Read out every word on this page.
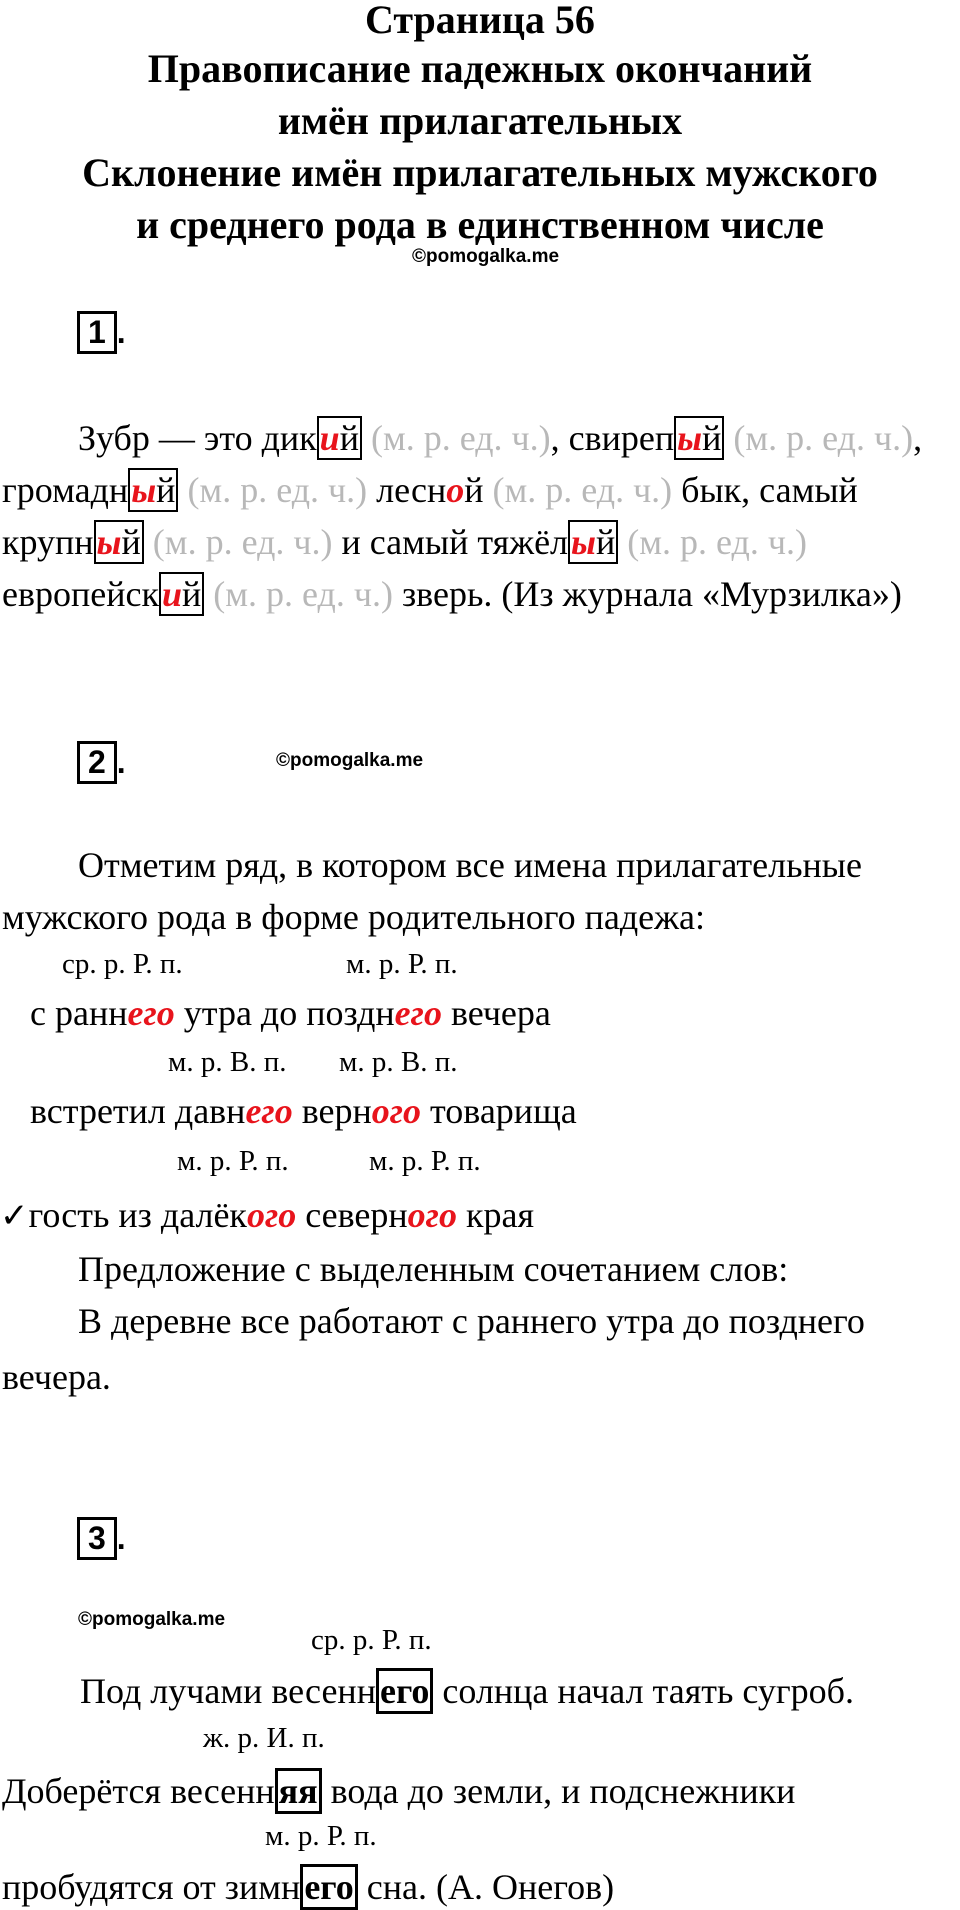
Страница 56
Правописание падежных окончаний
имён прилагательных
Склонение имён прилагательных мужского
и среднего рода в единственном числе
©pomogalka.me
1 .
Зубр — это дикий (м. р. ед. ч.), свирепый (м. р. ед. ч.),
громадный (м. р. ед. ч.) лесной (м. р. ед. ч.) бык, самый
крупный (м. р. ед. ч.) и самый тяжёлый (м. р. ед. ч.)
европейский (м. р. ед. ч.) зверь. (Из журнала «Мурзилка»)
2 .	©pomogalka.me
Отметим ряд, в котором все имена прилагательные
мужского рода в форме родительного падежа:
ср. р. Р. п.	м. р. Р. п.
с раннего утра до позднего вечера
м. р. В. п. м. р. В. п.
встретил давнего верного товарища
м. р. Р. п.	м. р. Р. п.
✓гость из далёкого северного края
Предложение с выделенным сочетанием слов:
В деревне все работают с раннего утра до позднего
вечера.
3 .
©pomogalka.me
ср. р. Р. п.
Под лучами весенн его солнца начал таять сугроб.
ж. р. И. п.
Доберётся весенн яя вода до земли, и подснежники
м. р. Р. п.
пробудятся от зимн его сна. (А. Онегов)
